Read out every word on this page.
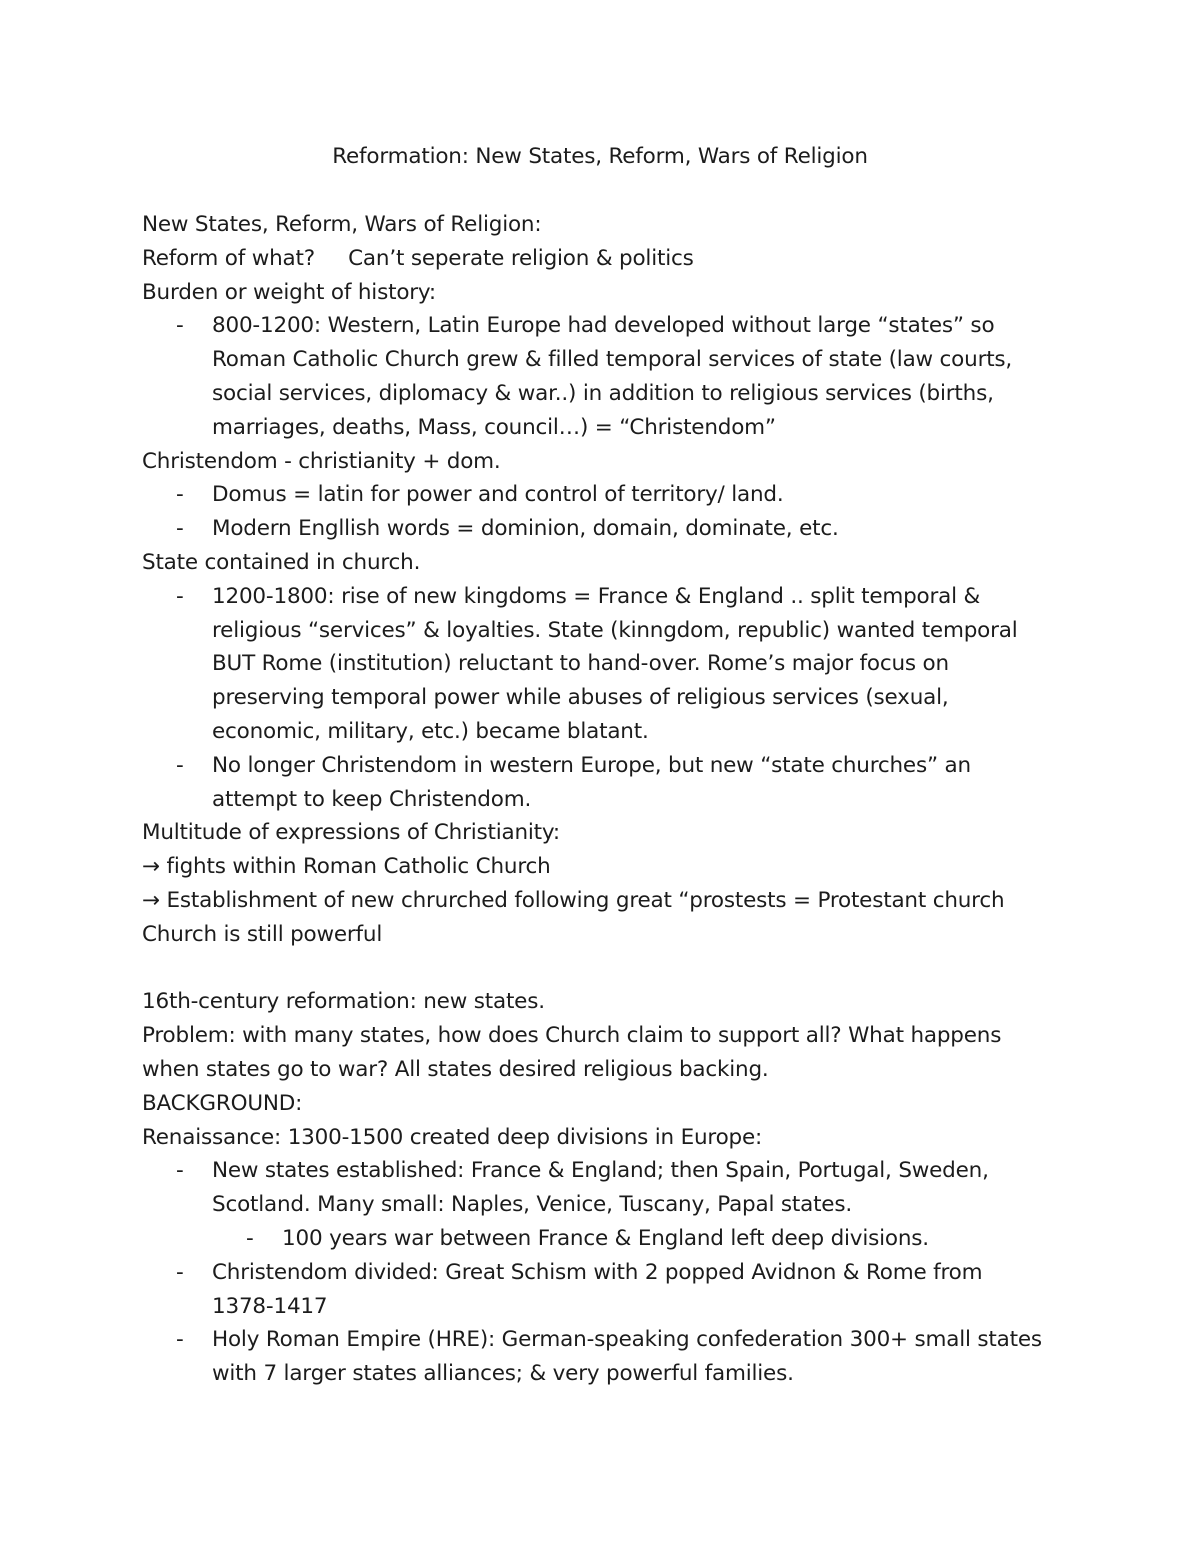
Reformation: New States, Reform, Wars of Religion

New States, Reform, Wars of Religion:

Reform of what?     Can’t seperate religion & politics

Burden or weight of history:

- 800-1200: Western, Latin Europe had developed without large “states” so Roman Catholic Church grew & filled temporal services of state (law courts, social services, diplomacy & war..) in addition to religious services (births, marriages, deaths, Mass, council…) = “Christendom”

Christendom - christianity + dom.

- Domus = latin for power and control of territory/ land.
- Modern Engllish words = dominion, domain, dominate, etc.

State contained in church.

- 1200-1800: rise of new kingdoms = France & England .. split temporal & religious “services” & loyalties. State (kinngdom, republic) wanted temporal BUT Rome (institution) reluctant to hand-over. Rome’s major focus on preserving temporal power while abuses of religious services (sexual, economic, military, etc.) became blatant.
- No longer Christendom in western Europe, but new “state churches” an attempt to keep Christendom.

Multitude of expressions of Christianity:

→ fights within Roman Catholic Church

→ Establishment of new chrurched following great “prostests = Protestant church

Church is still powerful

16th-century reformation: new states.

Problem: with many states, how does Church claim to support all? What happens when states go to war? All states desired religious backing.

BACKGROUND:

Renaissance: 1300-1500 created deep divisions in Europe:

- New states established: France & England; then Spain, Portugal, Sweden, Scotland. Many small: Naples, Venice, Tuscany, Papal states.
- 100 years war between France & England left deep divisions.
- Christendom divided: Great Schism with 2 popped Avidnon & Rome from 1378-1417
- Holy Roman Empire (HRE): German-speaking confederation 300+ small states with 7 larger states alliances; & very powerful families.
